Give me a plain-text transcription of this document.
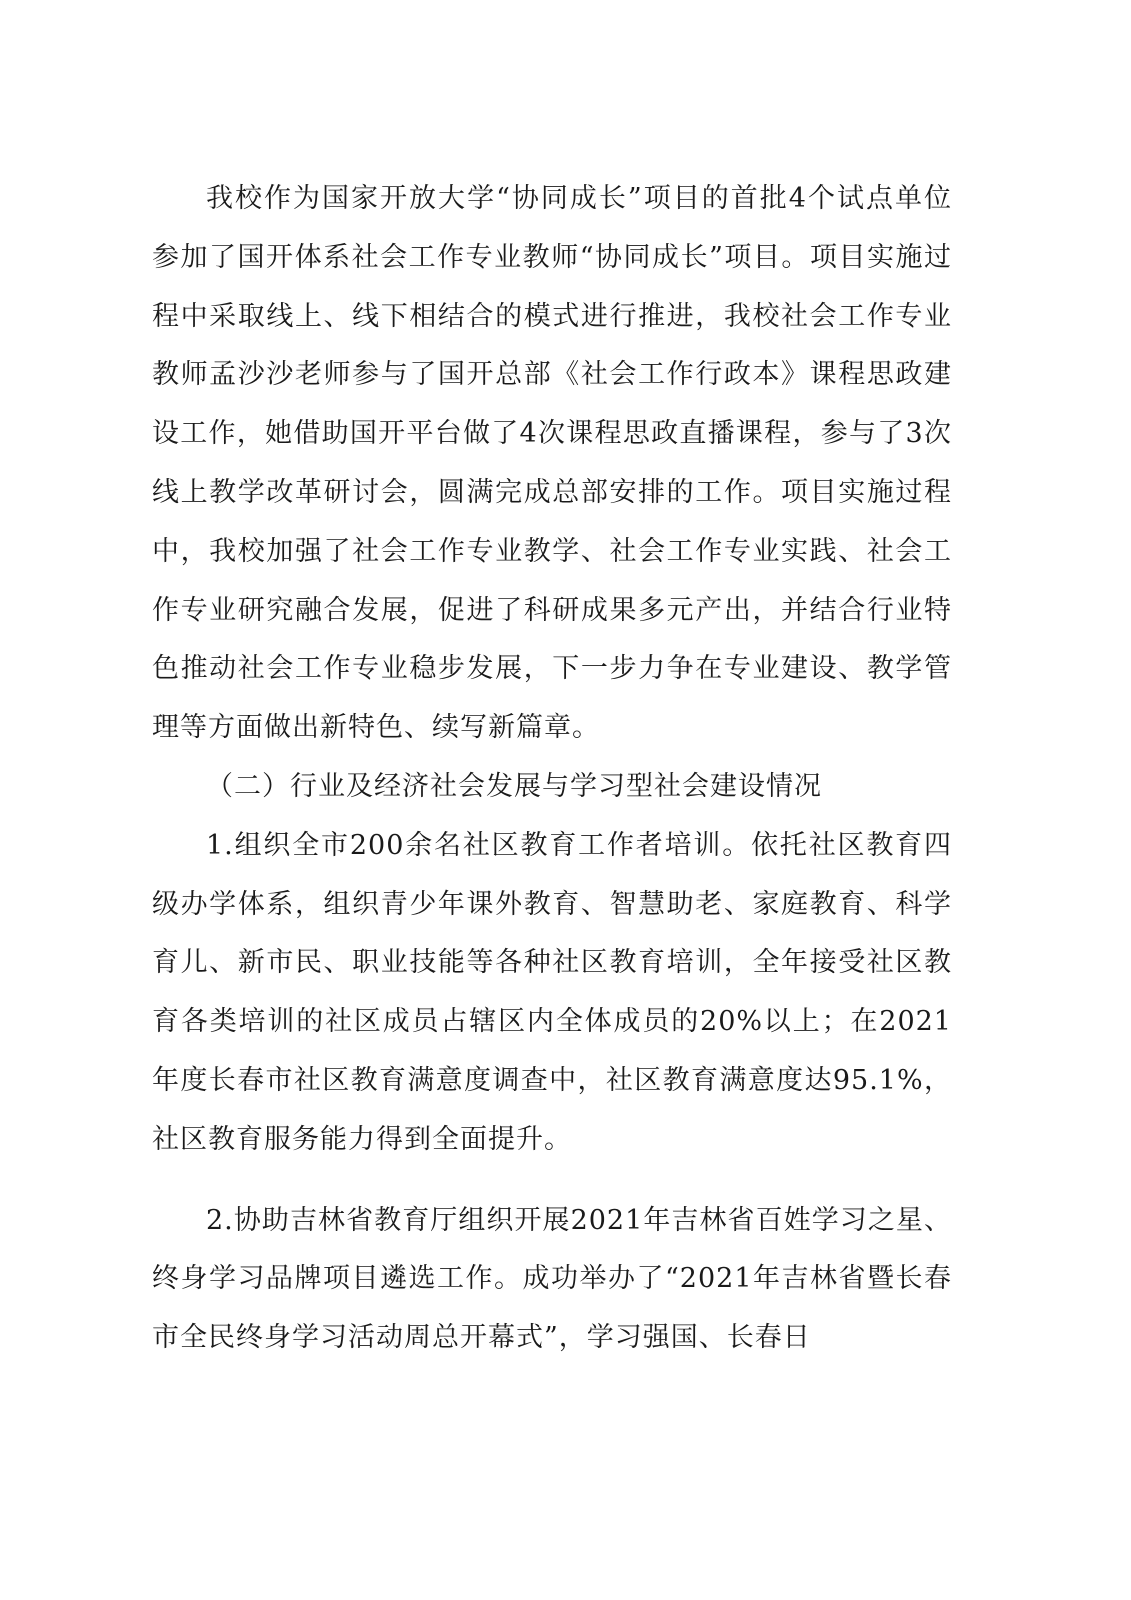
我校作为国家开放大学“协同成长”项目的首批4个试点单位参加了国开体系社会工作专业教师“协同成长”项目。项目实施过程中采取线上、线下相结合的模式进行推进，我校社会工作专业教师孟沙沙老师参与了国开总部《社会工作行政本》课程思政建设工作，她借助国开平台做了4次课程思政直播课程，参与了3次线上教学改革研讨会，圆满完成总部安排的工作。项目实施过程中，我校加强了社会工作专业教学、社会工作专业实践、社会工作专业研究融合发展，促进了科研成果多元产出，并结合行业特色推动社会工作专业稳步发展，下一步力争在专业建设、教学管理等方面做出新特色、续写新篇章。

（二）行业及经济社会发展与学习型社会建设情况

1.组织全市200余名社区教育工作者培训。依托社区教育四级办学体系，组织青少年课外教育、智慧助老、家庭教育、科学育儿、新市民、职业技能等各种社区教育培训，全年接受社区教育各类培训的社区成员占辖区内全体成员的20%以上；在2021年度长春市社区教育满意度调查中，社区教育满意度达95.1%，社区教育服务能力得到全面提升。

2.协助吉林省教育厅组织开展2021年吉林省百姓学习之星、终身学习品牌项目遴选工作。成功举办了“2021年吉林省暨长春市全民终身学习活动周总开幕式”，学习强国、长春日
